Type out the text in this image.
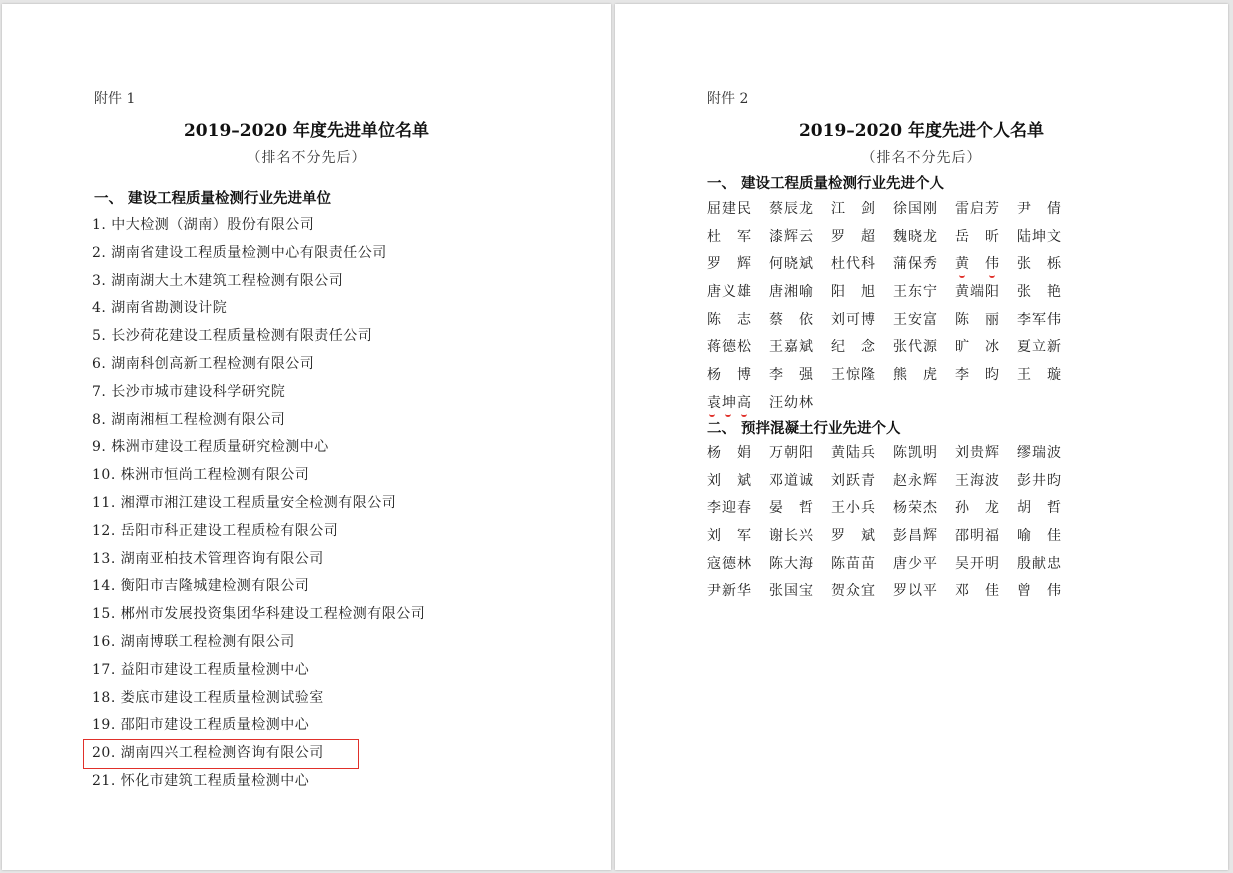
附件 1
2019–2020 年度先进单位名单
（排名不分先后）
一、 建设工程质量检测行业先进单位
1. 中大检测（湖南）股份有限公司
2. 湖南省建设工程质量检测中心有限责任公司
3. 湖南湖大土木建筑工程检测有限公司
4. 湖南省勘测设计院
5. 长沙荷花建设工程质量检测有限责任公司
6. 湖南科创高新工程检测有限公司
7. 长沙市城市建设科学研究院
8. 湖南湘桓工程检测有限公司
9. 株洲市建设工程质量研究检测中心
10. 株洲市恒尚工程检测有限公司
11. 湘潭市湘江建设工程质量安全检测有限公司
12. 岳阳市科正建设工程质检有限公司
13. 湖南亚柏技术管理咨询有限公司
14. 衡阳市吉隆城建检测有限公司
15. 郴州市发展投资集团华科建设工程检测有限公司
16. 湖南博联工程检测有限公司
17. 益阳市建设工程质量检测中心
18. 娄底市建设工程质量检测试验室
19. 邵阳市建设工程质量检测中心
20. 湖南四兴工程检测咨询有限公司
21. 怀化市建筑工程质量检测中心
附件 2
2019–2020 年度先进个人名单
（排名不分先后）
一、 建设工程质量检测行业先进个人
屈建民 蔡辰龙 江 剑 徐国刚 雷启芳 尹 倩
杜 军 漆辉云 罗 超 魏晓龙 岳 昕 陆坤文
罗 辉 何晓斌 杜代科 蒲保秀 黄 伟 张 栎
唐义雄 唐湘喻 阳 旭 王东宁 黄端阳 张 艳
陈 志 蔡 依 刘可博 王安富 陈 丽 李军伟
蒋德松 王嘉斌 纪 念 张代源 旷 冰 夏立新
杨 博 李 强 王惊隆 熊 虎 李 昀 王 璇
袁坤高 汪幼林
二、 预拌混凝土行业先进个人
杨 娟 万朝阳 黄陆兵 陈凯明 刘贵辉 缪瑞波
刘 斌 邓道诚 刘跃青 赵永辉 王海波 彭井昀
李迎春 晏 哲 王小兵 杨荣杰 孙 龙 胡 哲
刘 军 谢长兴 罗 斌 彭昌辉 邵明福 喻 佳
寇德林 陈大海 陈苗苗 唐少平 吴开明 殷献忠
尹新华 张国宝 贺众宜 罗以平 邓 佳 曾 伟
